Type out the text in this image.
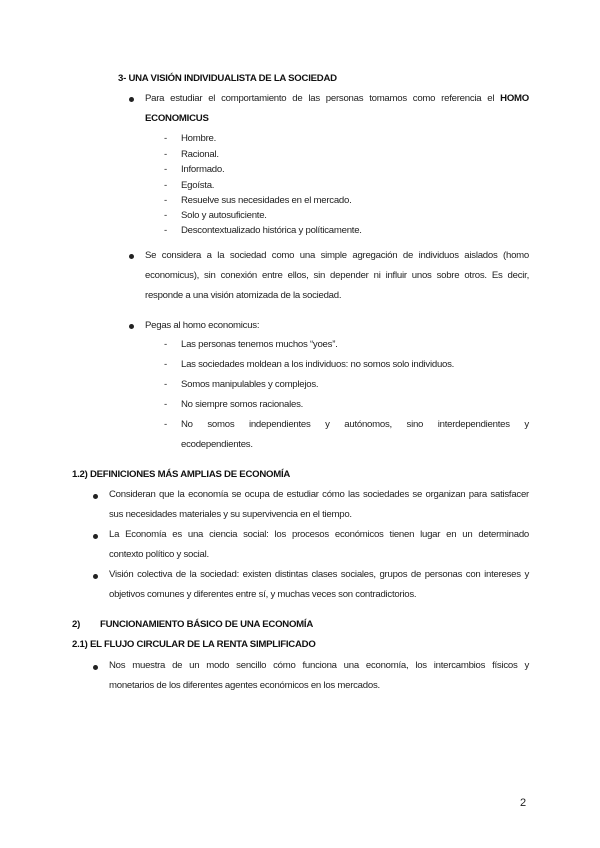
3- UNA VISIÓN INDIVIDUALISTA DE LA SOCIEDAD
Para estudiar el comportamiento de las personas tomamos como referencia el HOMO
ECONOMICUS
- Hombre.
- Racional.
- Informado.
- Egoísta.
- Resuelve sus necesidades en el mercado.
- Solo y autosuficiente.
- Descontextualizado histórica y políticamente.
Se considera a la sociedad como una simple agregación de individuos aislados (homo
economicus), sin conexión entre ellos, sin depender ni influir unos sobre otros. Es decir,
responde a una visión atomizada de la sociedad.
Pegas al homo economicus:
- Las personas tenemos muchos “yoes”.
- Las sociedades moldean a los individuos: no somos solo individuos.
- Somos manipulables y complejos.
- No siempre somos racionales.
- No somos independientes y autónomos, sino interdependientes y
ecodependientes.
1.2) DEFINICIONES MÁS AMPLIAS DE ECONOMÍA
Consideran que la economía se ocupa de estudiar cómo las sociedades se organizan para satisfacer
sus necesidades materiales y su supervivencia en el tiempo.
La Economía es una ciencia social: los procesos económicos tienen lugar en un determinado
contexto político y social.
Visión colectiva de la sociedad: existen distintas clases sociales, grupos de personas con intereses y
objetivos comunes y diferentes entre sí, y muchas veces son contradictorios.
2) FUNCIONAMIENTO BÁSICO DE UNA ECONOMÍA
2.1) EL FLUJO CIRCULAR DE LA RENTA SIMPLIFICADO
Nos muestra de un modo sencillo cómo funciona una economía, los intercambios físicos y
monetarios de los diferentes agentes económicos en los mercados.
2
